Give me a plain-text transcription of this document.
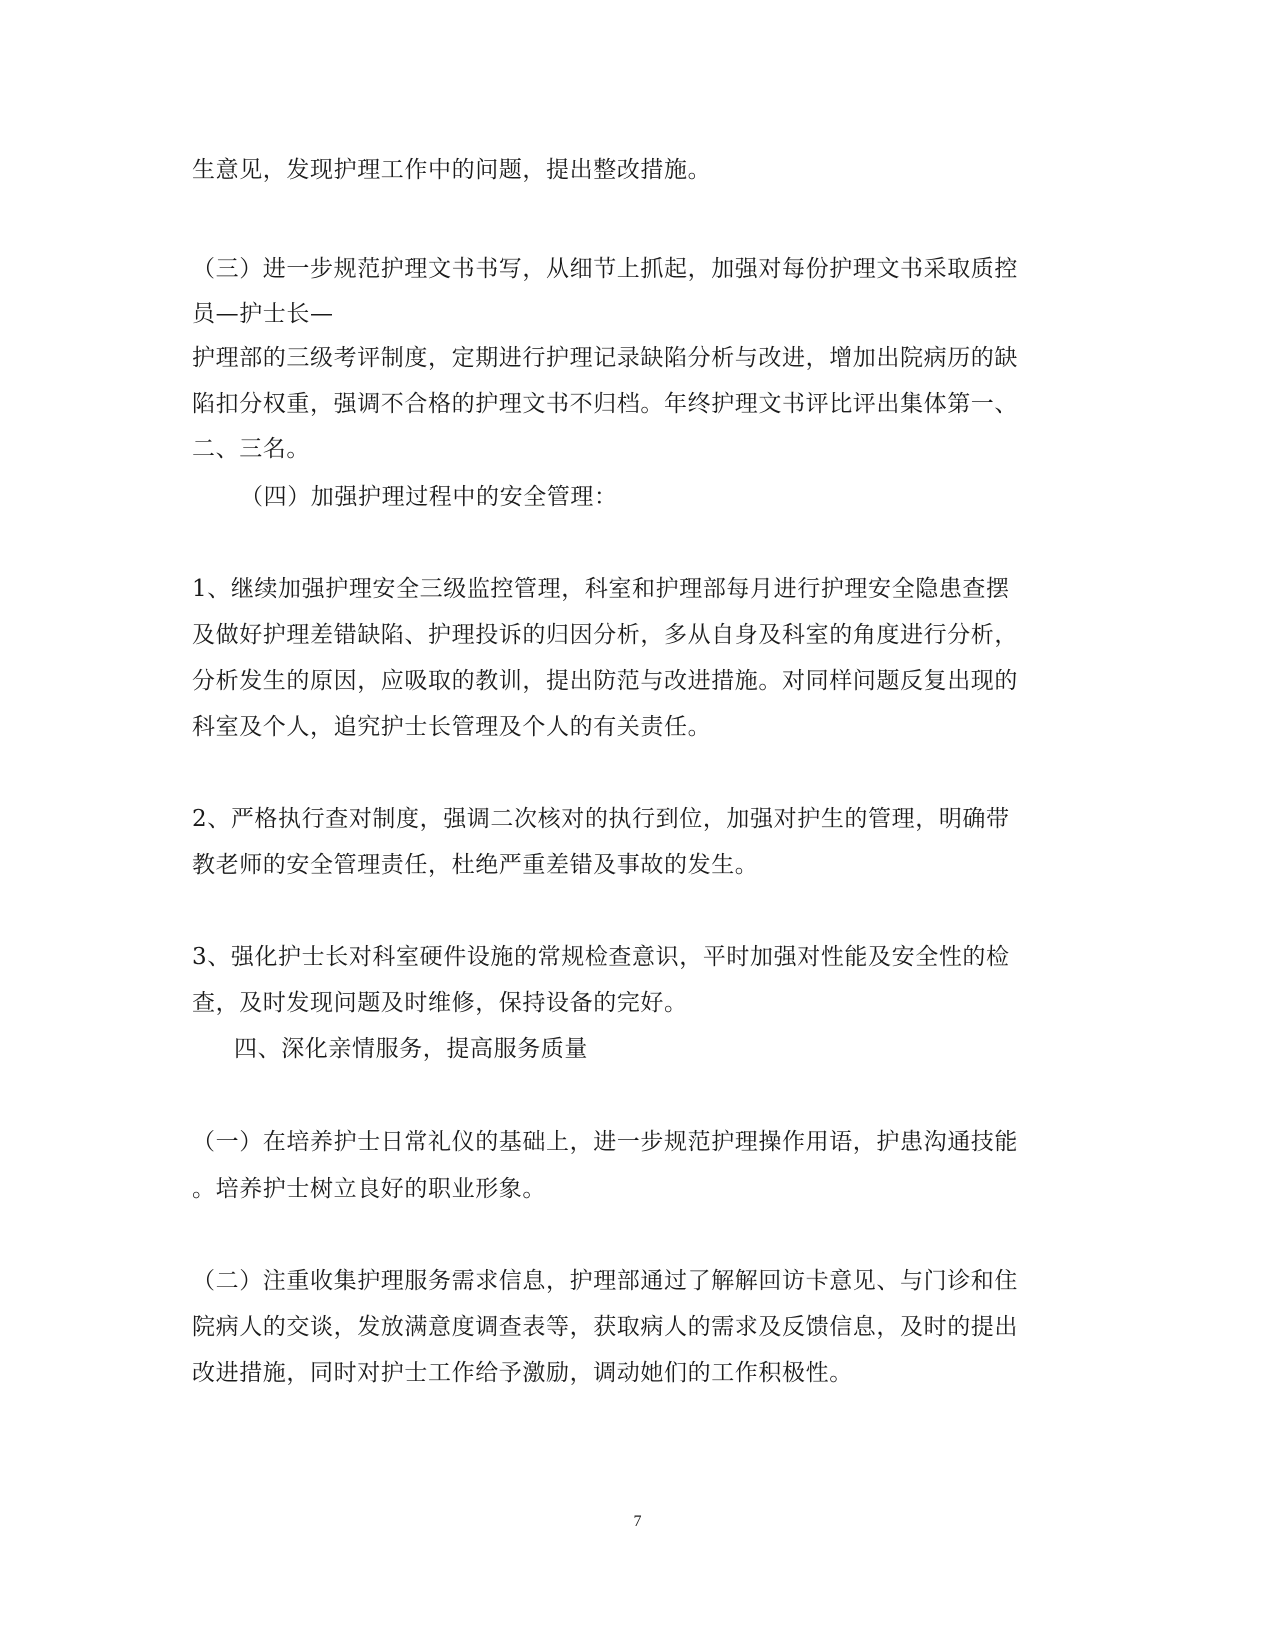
生意见，发现护理工作中的问题，提出整改措施。
（三）进一步规范护理文书书写，从细节上抓起，加强对每份护理文书采取质控
员—护士长—
护理部的三级考评制度，定期进行护理记录缺陷分析与改进，增加出院病历的缺
陷扣分权重，强调不合格的护理文书不归档。年终护理文书评比评出集体第一、
二、三名。
（四）加强护理过程中的安全管理：
1、继续加强护理安全三级监控管理，科室和护理部每月进行护理安全隐患查摆
及做好护理差错缺陷、护理投诉的归因分析，多从自身及科室的角度进行分析，
分析发生的原因，应吸取的教训，提出防范与改进措施。对同样问题反复出现的
科室及个人，追究护士长管理及个人的有关责任。
2、严格执行查对制度，强调二次核对的执行到位，加强对护生的管理，明确带
教老师的安全管理责任，杜绝严重差错及事故的发生。
3、强化护士长对科室硬件设施的常规检查意识，平时加强对性能及安全性的检
查，及时发现问题及时维修，保持设备的完好。
四、深化亲情服务，提高服务质量
（一）在培养护士日常礼仪的基础上，进一步规范护理操作用语，护患沟通技能
。培养护士树立良好的职业形象。
（二）注重收集护理服务需求信息，护理部通过了解解回访卡意见、与门诊和住
院病人的交谈，发放满意度调查表等，获取病人的需求及反馈信息，及时的提出
改进措施，同时对护士工作给予激励，调动她们的工作积极性。
7
